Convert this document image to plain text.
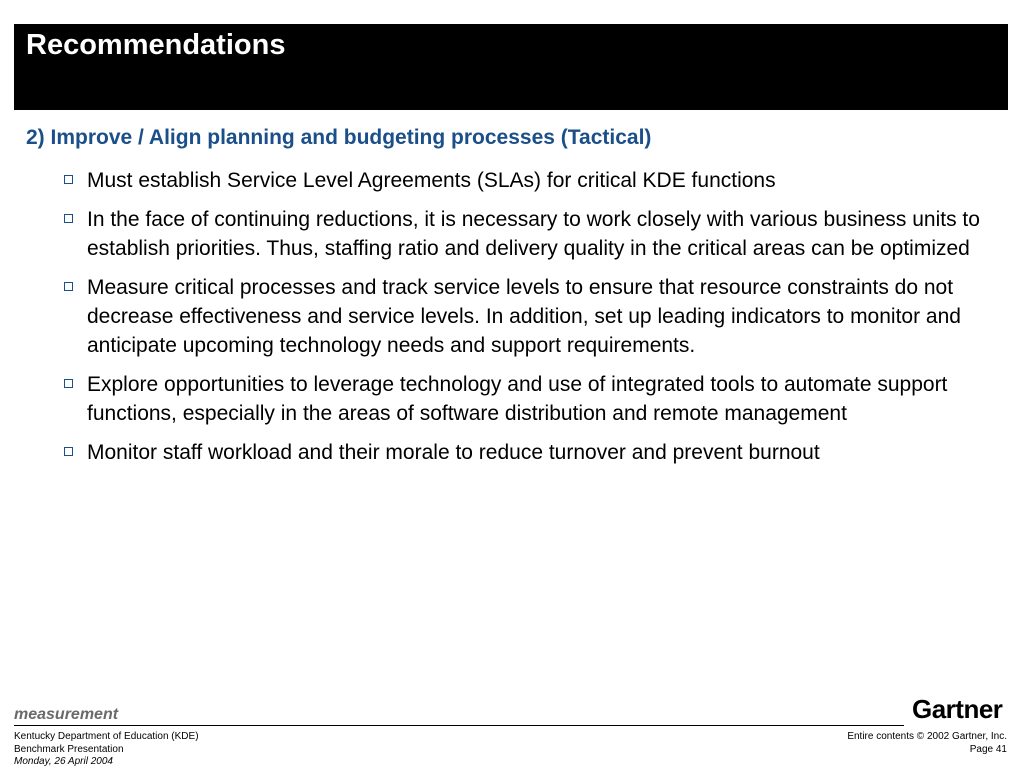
Recommendations
2) Improve / Align planning and budgeting processes (Tactical)
Must establish Service Level Agreements (SLAs) for critical KDE functions
In the face of continuing reductions, it is necessary to work closely with various business units to establish priorities. Thus, staffing ratio and delivery quality in the critical areas can be optimized
Measure critical processes and track service levels to ensure that resource constraints do not decrease effectiveness and service levels. In addition, set up leading indicators to monitor and anticipate upcoming technology needs and support requirements.
Explore opportunities to leverage technology and use of integrated tools to automate support functions, especially in the areas of software distribution and remote management
Monitor staff workload and their morale to reduce turnover and prevent burnout
measurement	Gartner
Kentucky Department of Education (KDE)
Benchmark Presentation
Monday, 26 April 2004
Entire contents © 2002 Gartner, Inc.
Page 41
